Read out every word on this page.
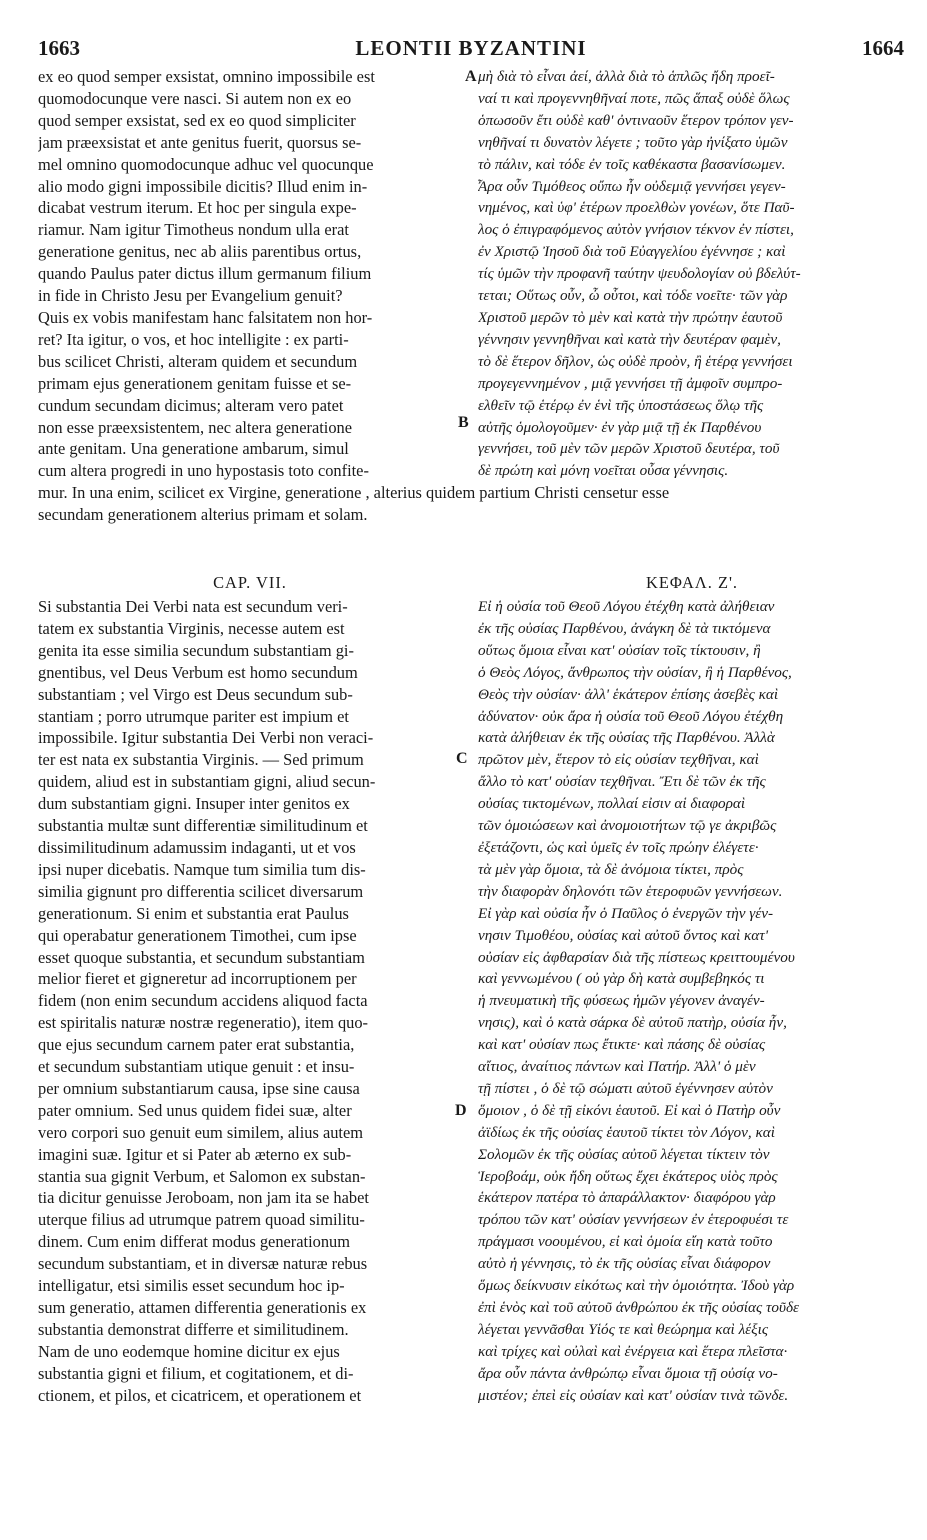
1663	LEONTII BYZANTINI	1664
ex eo quod semper exsistat, omnino impossibile est
quomodocunque vere nasci. Si autem non ex eo
quod semper exsistat, sed ex eo quod simpliciter
jam præexsistat et ante genitus fuerit, quorsus se-
mel omnino quomodocunque adhuc vel quocunque
alio modo gigni impossibile dicitis? Illud enim in-
dicabat vestrum iterum. Et hoc per singula expe-
riamur. Nam igitur Timotheus nondum ulla erat
generatione genitus, nec ab aliis parentibus ortus,
quando Paulus pater dictus illum germanum filium
in fide in Christo Jesu per Evangelium genuit?
Quis ex vobis manifestam hanc falsitatem non hor-
ret? Ita igitur, o vos, et hoc intelligite : ex parti-
bus scilicet Christi, alteram quidem et secundum
primam ejus generationem genitam fuisse et se-
cundum secundam dicimus; alteram vero patet
non esse præexsistentem, nec altera generatione
ante genitam. Una generatione ambarum, simul
cum altera progredi in uno hypostasis toto confite-
μὴ διὰ τὸ εἶναι ἀεί, ἀλλὰ διὰ τὸ ἁπλῶς ἤδη προεῖ-
ναί τι καὶ προγεννηθῆναί ποτε, πῶς ἅπαξ οὐδὲ ὅλως
ὁπωσοῦν ἔτι οὐδὲ καθ' ὀντιναοῦν ἕτερον τρόπον γεν-
νηθῆναί τι δυνατὸν λέγετε ; τοῦτο γὰρ ἠνίξατο ὑμῶν
τὸ πάλιν, καὶ τόδε ἐν τοῖς καθέκαστα βασανίσωμεν.
Ἆρα οὖν Τιμόθεος οὔπω ἦν οὐδεμιᾷ γεννήσει γεγεν-
νημένος, καὶ ὑφ' ἑτέρων προελθὼν γονέων, ὅτε Παῦ-
λος ὁ ἐπιγραφόμενος αὐτὸν γνήσιον τέκνον ἐν πίστει,
ἐν Χριστῷ Ἰησοῦ διὰ τοῦ Εὐαγγελίου ἐγέννησε ; καὶ
τίς ὑμῶν τὴν προφανῆ ταύτην ψευδολογίαν οὐ βδελύτ-
τεται; Οὕτως οὖν, ὦ οὗτοι, καὶ τόδε νοεῖτε· τῶν γὰρ
Χριστοῦ μερῶν τὸ μὲν καὶ κατὰ τὴν πρώτην ἑαυτοῦ
γέννησιν γεννηθῆναι καὶ κατὰ τὴν δευτέραν φαμὲν,
τὸ δὲ ἕτερον δῆλον, ὡς οὐδὲ προὸν, ἢ ἑτέρᾳ γεννήσει
προγεγεννημένον , μιᾷ γεννήσει τῇ ἀμφοῖν συμπρο-
ελθεῖν τῷ ἑτέρῳ ἐν ἑνὶ τῆς ὑποστάσεως ὅλῳ τῆς
αὐτῆς ὁμολογοῦμεν· ἐν γὰρ μιᾷ τῇ ἐκ Παρθένου
γεννήσει, τοῦ μὲν τῶν μερῶν Χριστοῦ δευτέρα, τοῦ
δὲ πρώτη καὶ μόνη νοεῖται οὖσα γέννησις.
mur. In una enim, scilicet ex Virgine, generatione , alterius quidem partium Christi censetur esse
secundam generationem alterius primam et solam.
A
B
CAP. VII.	ΚΕΦΑΛ. Ζ'.
Si substantia Dei Verbi nata est secundum veri-
tatem ex substantia Virginis, necesse autem est
genita ita esse similia secundum substantiam gi-
gnentibus, vel Deus Verbum est homo secundum
substantiam ; vel Virgo est Deus secundum sub-
stantiam ; porro utrumque pariter est impium et
impossibile. Igitur substantia Dei Verbi non veraci-
ter est nata ex substantia Virginis. — Sed primum
quidem, aliud est in substantiam gigni, aliud secun-
dum substantiam gigni. Insuper inter genitos ex
substantia multæ sunt differentiæ similitudinum et
dissimilitudinum adamussim indaganti, ut et vos
ipsi nuper dicebatis. Namque tum similia tum dis-
similia gignunt pro differentia scilicet diversarum
generationum. Si enim et substantia erat Paulus
qui operabatur generationem Timothei, cum ipse
esset quoque substantia, et secundum substantiam
melior fieret et gigneretur ad incorruptionem per
fidem (non enim secundum accidens aliquod facta
est spiritalis naturæ nostræ regeneratio), item quo-
que ejus secundum carnem pater erat substantia,
et secundum substantiam utique genuit : et insu-
per omnium substantiarum causa, ipse sine causa
pater omnium. Sed unus quidem fidei suæ, alter
vero corpori suo genuit eum similem, alius autem
imagini suæ. Igitur et si Pater ab æterno ex sub-
stantia sua gignit Verbum, et Salomon ex substan-
tia dicitur genuisse Jeroboam, non jam ita se habet
uterque filius ad utrumque patrem quoad similitu-
dinem. Cum enim differat modus generationum
secundum substantiam, et in diversæ naturæ rebus
intelligatur, etsi similis esset secundum hoc ip-
sum generatio, attamen differentia generationis ex
substantia demonstrat differre et similitudinem.
Nam de uno eodemque homine dicitur ex ejus
substantia gigni et filium, et cogitationem, et di-
ctionem, et pilos, et cicatricem, et operationem et
Εἰ ἡ οὐσία τοῦ Θεοῦ Λόγου ἐτέχθη κατὰ ἀλήθειαν
ἐκ τῆς οὐσίας Παρθένου, ἀνάγκη δὲ τὰ τικτόμενα
οὕτως ὅμοια εἶναι κατ' οὐσίαν τοῖς τίκτουσιν, ἢ
ὁ Θεὸς Λόγος, ἄνθρωπος τὴν οὐσίαν, ἢ ἡ Παρθένος,
Θεὸς τὴν οὐσίαν· ἀλλ' ἑκάτερον ἐπίσης ἀσεβὲς καὶ
ἀδύνατον· οὐκ ἄρα ἡ οὐσία τοῦ Θεοῦ Λόγου ἐτέχθη
κατὰ ἀλήθειαν ἐκ τῆς οὐσίας τῆς Παρθένου. Ἀλλὰ
πρῶτον μὲν, ἕτερον τὸ εἰς οὐσίαν τεχθῆναι, καὶ
ἄλλο τὸ κατ' οὐσίαν τεχθῆναι. Ἔτι δὲ τῶν ἐκ τῆς
οὐσίας τικτομένων, πολλαί εἰσιν αἱ διαφοραὶ
τῶν ὁμοιώσεων καὶ ἀνομοιοτήτων τῷ γε ἀκριβῶς
ἐξετάζοντι, ὡς καὶ ὑμεῖς ἐν τοῖς πρώην ἐλέγετε·
τὰ μὲν γὰρ ὅμοια, τὰ δὲ ἀνόμοια τίκτει, πρὸς
τὴν διαφορὰν δηλονότι τῶν ἑτεροφυῶν γεννήσεων.
Εἰ γὰρ καὶ οὐσία ἦν ὁ Παῦλος ὁ ἐνεργῶν τὴν γέν-
νησιν Τιμοθέου, οὐσίας καὶ αὐτοῦ ὄντος καὶ κατ'
οὐσίαν εἰς ἀφθαρσίαν διὰ τῆς πίστεως κρειττουμένου
καὶ γεννωμένου ( οὐ γὰρ δὴ κατὰ συμβεβηκός τι
ἡ πνευματικὴ τῆς φύσεως ἡμῶν γέγονεν ἀναγέν-
νησις), καὶ ὁ κατὰ σάρκα δὲ αὐτοῦ πατὴρ, οὐσία ἦν,
καὶ κατ' οὐσίαν πως ἔτικτε· καὶ πάσης δὲ οὐσίας
αἴτιος, ἀναίτιος πάντων καὶ Πατήρ. Ἀλλ' ὁ μὲν
τῇ πίστει , ὁ δὲ τῷ σώματι αὐτοῦ ἐγέννησεν αὐτὸν
ὅμοιον , ὁ δὲ τῇ εἰκόνι ἑαυτοῦ. Εἰ καὶ ὁ Πατὴρ οὖν
ἀϊδίως ἐκ τῆς οὐσίας ἑαυτοῦ τίκτει τὸν Λόγον, καὶ
Σολομῶν ἐκ τῆς οὐσίας αὐτοῦ λέγεται τίκτειν τὸν
Ἱεροβοάμ, οὐκ ἤδη οὕτως ἔχει ἑκάτερος υἱὸς πρὸς
ἑκάτερον πατέρα τὸ ἀπαράλλακτον· διαφόρου γὰρ
τρόπου τῶν κατ' οὐσίαν γεννήσεων ἐν ἑτεροφυέσι τε
πράγμασι νοουμένου, εἰ καὶ ὁμοία εἴη κατὰ τοῦτο
αὐτὸ ἡ γέννησις, τὸ ἐκ τῆς οὐσίας εἶναι διάφορον
ὅμως δείκνυσιν εἰκότως καὶ τὴν ὁμοιότητα. Ἰδοὺ γὰρ
ἐπὶ ἑνὸς καὶ τοῦ αὐτοῦ ἀνθρώπου ἐκ τῆς οὐσίας τοῦδε
λέγεται γεννᾶσθαι Υἱός τε καὶ θεώρημα καὶ λέξις
καὶ τρίχες καὶ οὐλαὶ καὶ ἐνέργεια καὶ ἕτερα πλεῖστα·
ἄρα οὖν πάντα ἀνθρώπῳ εἶναι ὅμοια τῇ οὐσίᾳ νο-
μιστέον; ἐπεὶ εἰς οὐσίαν καὶ κατ' οὐσίαν τινὰ τῶνδε.
C
D
